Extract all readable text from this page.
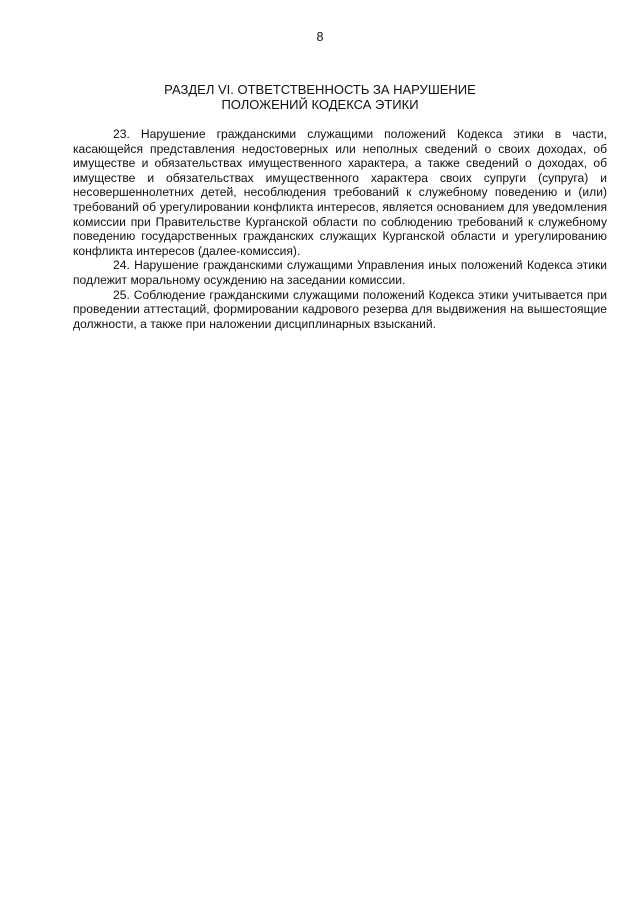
8
РАЗДЕЛ VI. ОТВЕТСТВЕННОСТЬ ЗА НАРУШЕНИЕ
ПОЛОЖЕНИЙ КОДЕКСА ЭТИКИ

23. Нарушение гражданскими служащими положений Кодекса этики в части, касающейся представления недостоверных или неполных сведений о своих доходах, об имуществе и обязательствах имущественного характера, а также сведений о доходах, об имуществе и обязательствах имущественного характера своих супруги (супруга) и несовершеннолетних детей, несоблюдения требований к служебному поведению и (или) требований об урегулировании конфликта интересов, является основанием для уведомления комиссии при Правительстве Курганской области по соблюдению требований к служебному поведению государственных гражданских служащих Курганской области и урегулированию конфликта интересов (далее-комиссия).

24. Нарушение гражданскими служащими Управления иных положений Кодекса этики подлежит моральному осуждению на заседании комиссии.

25. Соблюдение гражданскими служащими положений Кодекса этики учитывается при проведении аттестаций, формировании кадрового резерва для выдвижения на вышестоящие должности, а также при наложении дисциплинарных взысканий.
